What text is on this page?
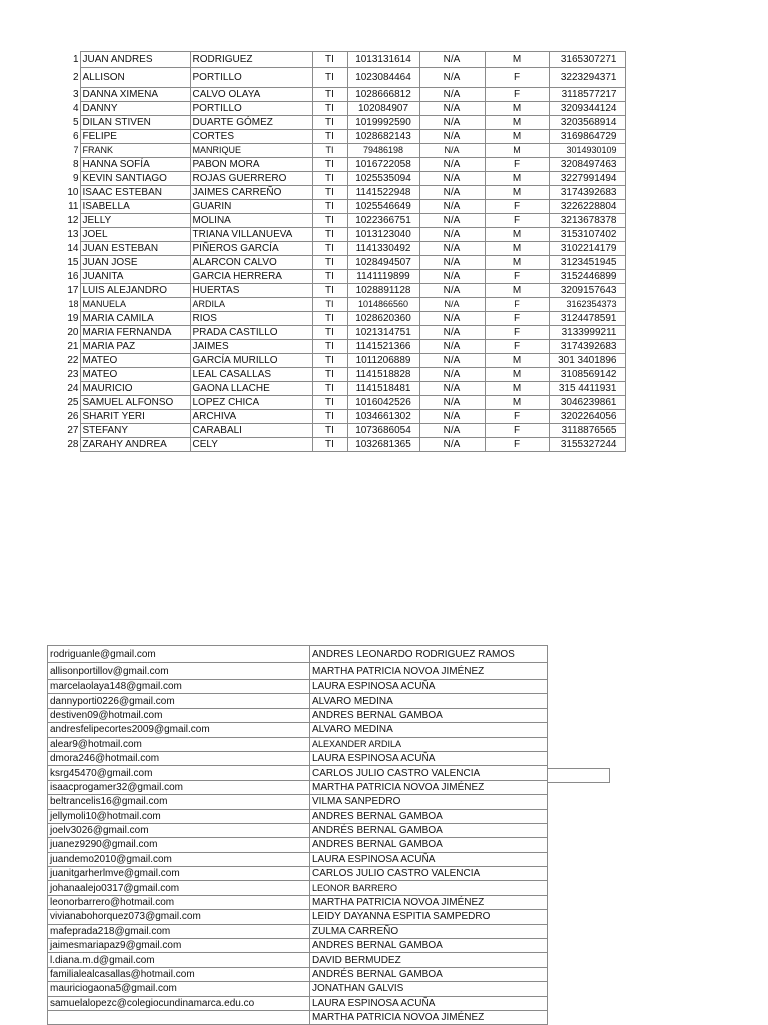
1	JUAN ANDRES	RODRIGUEZ	TI	1013131614	N/A	M	3165307271
2	ALLISON	PORTILLO	TI	1023084464	N/A	F	3223294371
3	DANNA XIMENA	CALVO OLAYA	TI	1028666812	N/A	F	3118577217
4	DANNY	PORTILLO	TI	102084907	N/A	M	3209344124
5	DILAN STIVEN	DUARTE GÓMEZ	TI	1019992590	N/A	M	3203568914
6	FELIPE	CORTES	TI	1028682143	N/A	M	3169864729
7	FRANK	MANRIQUE	TI	79486198	N/A	M	3014930109
8	HANNA SOFÍA	PABON MORA	TI	1016722058	N/A	F	3208497463
9	KEVIN SANTIAGO	ROJAS GUERRERO	TI	1025535094	N/A	M	3227991494
10	ISAAC ESTEBAN	JAIMES CARREÑO	TI	1141522948	N/A	M	3174392683
11	ISABELLA	GUARIN	TI	1025546649	N/A	F	3226228804
12	JELLY	MOLINA	TI	1022366751	N/A	F	3213678378
13	JOEL	TRIANA VILLANUEVA	TI	1013123040	N/A	M	3153107402
14	JUAN ESTEBAN	PIÑEROS GARCÍA	TI	1141330492	N/A	M	3102214179
15	JUAN JOSE	ALARCON CALVO	TI	1028494507	N/A	M	3123451945
16	JUANITA	GARCIA HERRERA	TI	1141119899	N/A	F	3152446899
17	LUIS ALEJANDRO	HUERTAS	TI	1028891128	N/A	M	3209157643
18	MANUELA	ARDILA	TI	1014866560	N/A	F	3162354373
19	MARIA CAMILA	RIOS	TI	1028620360	N/A	F	3124478591
20	MARIA FERNANDA	PRADA CASTILLO	TI	1021314751	N/A	F	3133999211
21	MARIA PAZ	JAIMES	TI	1141521366	N/A	F	3174392683
22	MATEO	GARCÍA MURILLO	TI	1011206889	N/A	M	301 3401896
23	MATEO	LEAL CASALLAS	TI	1141518828	N/A	M	3108569142
24	MAURICIO	GAONA LLACHE	TI	1141518481	N/A	M	315 4411931
25	SAMUEL ALFONSO	LOPEZ CHICA	TI	1016042526	N/A	M	3046239861
26	SHARIT YERI	ARCHIVA	TI	1034661302	N/A	F	3202264056
27	STEFANY	CARABALI	TI	1073686054	N/A	F	3118876565
28	ZARAHY ANDREA	CELY	TI	1032681365	N/A	F	3155327244
rodriguanle@gmail.com	ANDRES LEONARDO RODRIGUEZ RAMOS
allisonportillov@gmail.com	MARTHA PATRICIA NOVOA JIMÉNEZ
marcelaolaya148@gmail.com	LAURA ESPINOSA ACUÑA
dannyporti0226@gmail.com	ALVARO MEDINA
destiven09@hotmail.com	ANDRES BERNAL GAMBOA
andresfelipecortes2009@gmail.com	ALVARO MEDINA
alear9@hotmail.com	ALEXANDER ARDILA
dmora246@hotmail.com	LAURA ESPINOSA ACUÑA
ksrg45470@gmail.com	CARLOS JULIO CASTRO VALENCIA
isaacprogamer32@gmail.com	MARTHA PATRICIA NOVOA JIMÉNEZ
beltrancelis16@gmail.com	VILMA SANPEDRO
jellymoli10@hotmail.com	ANDRES BERNAL GAMBOA
joelv3026@gmail.com	ANDRÉS BERNAL GAMBOA
juanez9290@gmail.com	ANDRES BERNAL GAMBOA
juandemo2010@gmail.com	LAURA ESPINOSA ACUÑA
juanitgarherlmve@gmail.com	CARLOS JULIO CASTRO VALENCIA
johanaalejo0317@gmail.com	LEONOR BARRERO
leonorbarrero@hotmail.com	MARTHA PATRICIA NOVOA JIMÉNEZ
vivianabohorquez073@gmail.com	LEIDY DAYANNA ESPITIA SAMPEDRO
mafeprada218@gmail.com	ZULMA CARREÑO
jaimesmariapaz9@gmail.com	ANDRES BERNAL GAMBOA
l.diana.m.d@gmail.com	DAVID BERMUDEZ
familialealcasallas@hotmail.com	ANDRÉS BERNAL GAMBOA
mauriciogaona5@gmail.com	JONATHAN GALVIS
samuelalopezc@colegiocundinamarca.edu.co	LAURA ESPINOSA ACUÑA
	MARTHA PATRICIA NOVOA JIMÉNEZ
